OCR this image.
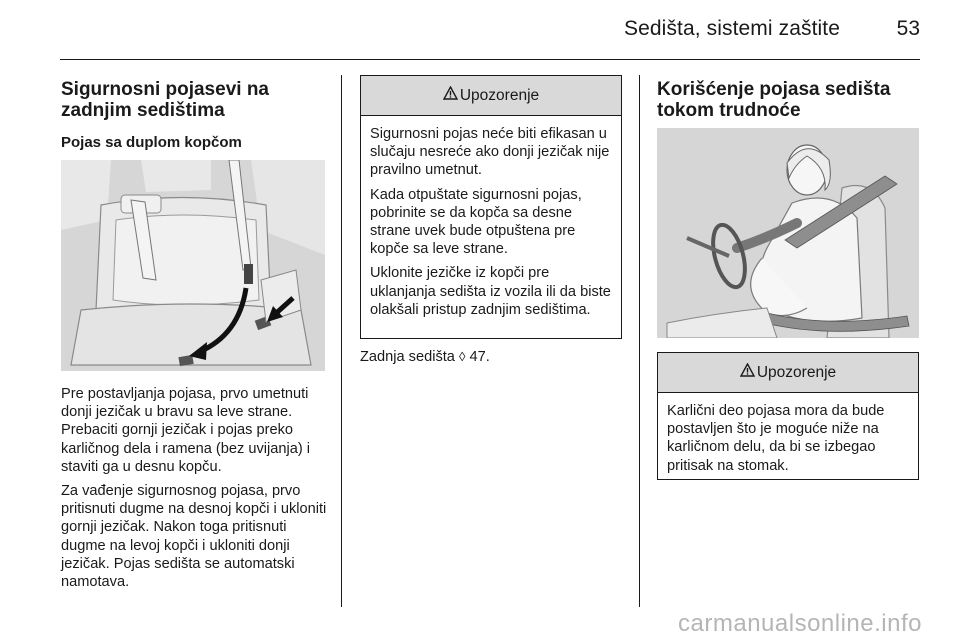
Sedišta, sistemi zaštite	53
Sigurnosni pojasevi na zadnjim sedištima
Pojas sa duplom kopčom

Pre postavljanja pojasa, prvo umetnuti donji jezičak u bravu sa leve strane. Prebaciti gornji jezičak i pojas preko karličnog dela i ramena (bez uvijanja) i staviti ga u desnu kopču.

Za vađenje sigurnosnog pojasa, prvo pritisnuti dugme na desnoj kopči i ukloniti gornji jezičak. Nakon toga pritisnuti dugme na levoj kopči i ukloniti donji jezičak. Pojas sedišta se automatski namotava.

Upozorenje

Sigurnosni pojas neće biti efikasan u slučaju nesreće ako donji jezičak nije pravilno umetnut.

Kada otpuštate sigurnosni pojas, pobrinite se da kopča sa desne strane uvek bude otpuštena pre kopče sa leve strane.

Uklonite jezičke iz kopči pre uklanjanja sedišta iz vozila ili da biste olakšali pristup zadnjim sedištima.

Zadnja sedišta ◊ 47.

Korišćenje pojasa sedišta tokom trudnoće
Upozorenje

Karlični deo pojasa mora da bude postavljen što je moguće niže na karličnom delu, da bi se izbegao pritisak na stomak.

carmanualsonline.info
